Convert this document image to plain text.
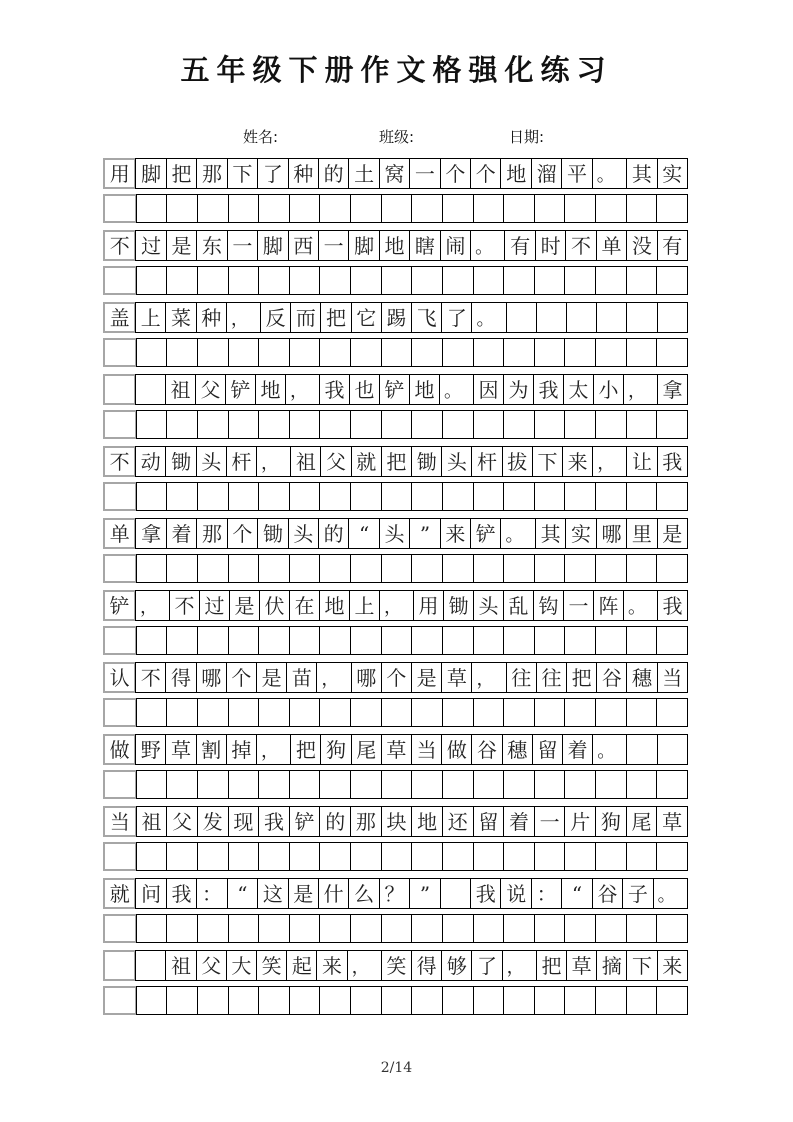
五年级下册作文格强化练习
姓名:	班级:	日期:
用 脚 把 那 下 了 种 的 土 窝 一 个 个 地 溜 平 。 其 实
不 过 是 东 一 脚 西 一 脚 地 瞎 闹 。 有 时 不 单 没 有
盖 上 菜 种 ， 反 而 把 它 踢 飞 了 。
祖 父 铲 地 ， 我 也 铲 地 。 因 为 我 太 小 ， 拿
不 动 锄 头 杆 ， 祖 父 就 把 锄 头 杆 拔 下 来 ， 让 我
单 拿 着 那 个 锄 头 的 “ 头 ” 来 铲 。 其 实 哪 里 是
铲 ， 不 过 是 伏 在 地 上 ， 用 锄 头 乱 钩 一 阵 。 我
认 不 得 哪 个 是 苗 ， 哪 个 是 草 ， 往 往 把 谷 穗 当
做 野 草 割 掉 ， 把 狗 尾 草 当 做 谷 穗 留 着 。
当 祖 父 发 现 我 铲 的 那 块 地 还 留 着 一 片 狗 尾 草
就 问 我 ： “ 这 是 什 么 ？ ”	我 说 ： “ 谷 子 。
祖 父 大 笑 起 来 ， 笑 得 够 了 ， 把 草 摘 下 来
2/14
